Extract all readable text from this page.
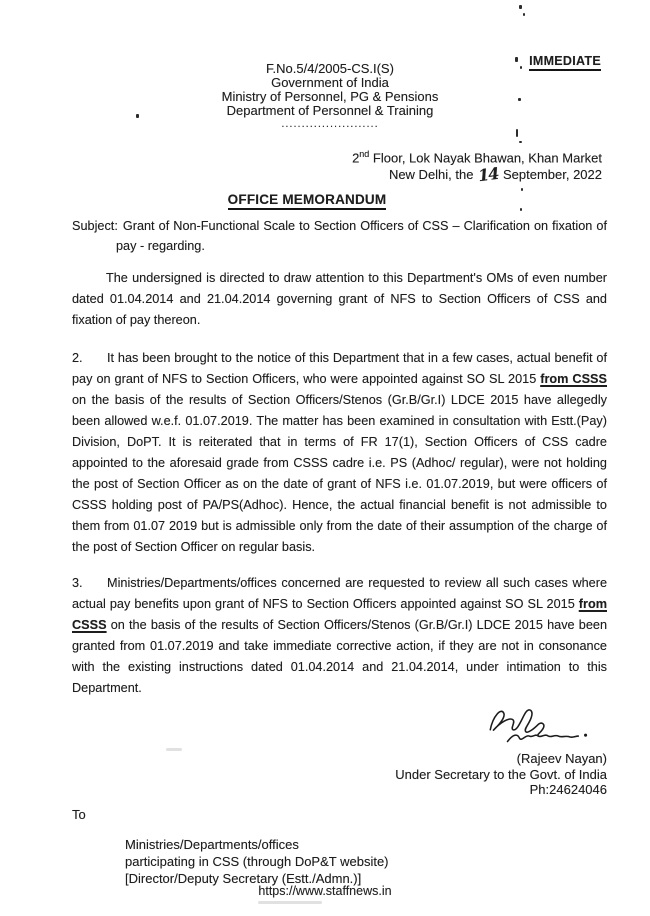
IMMEDIATE
F.No.5/4/2005-CS.I(S)
Government of India
Ministry of Personnel, PG & Pensions
Department of Personnel & Training
........................
2nd Floor, Lok Nayak Bhawan, Khan Market
New Delhi, the 14 September, 2022
OFFICE MEMORANDUM

Subject: Grant of Non-Functional Scale to Section Officers of CSS – Clarification on fixation of pay - regarding.

The undersigned is directed to draw attention to this Department's OMs of even number dated 01.04.2014 and 21.04.2014 governing grant of NFS to Section Officers of CSS and fixation of pay thereon.

2. It has been brought to the notice of this Department that in a few cases, actual benefit of pay on grant of NFS to Section Officers, who were appointed against SO SL 2015 from CSSS on the basis of the results of Section Officers/Stenos (Gr.B/Gr.I) LDCE 2015 have allegedly been allowed w.e.f. 01.07.2019. The matter has been examined in consultation with Estt.(Pay) Division, DoPT. It is reiterated that in terms of FR 17(1), Section Officers of CSS cadre appointed to the aforesaid grade from CSSS cadre i.e. PS (Adhoc/ regular), were not holding the post of Section Officer as on the date of grant of NFS i.e. 01.07.2019, but were officers of CSSS holding post of PA/PS(Adhoc). Hence, the actual financial benefit is not admissible to them from 01.07 2019 but is admissible only from the date of their assumption of the charge of the post of Section Officer on regular basis.

3. Ministries/Departments/offices concerned are requested to review all such cases where actual pay benefits upon grant of NFS to Section Officers appointed against SO SL 2015 from CSSS on the basis of the results of Section Officers/Stenos (Gr.B/Gr.I) LDCE 2015 have been granted from 01.07.2019 and take immediate corrective action, if they are not in consonance with the existing instructions dated 01.04.2014 and 21.04.2014, under intimation to this Department.

(Rajeev Nayan)
Under Secretary to the Govt. of India
Ph:24624046
To
Ministries/Departments/offices
participating in CSS (through DoP&T website)
[Director/Deputy Secretary (Estt./Admn.)]
https://www.staffnews.in
